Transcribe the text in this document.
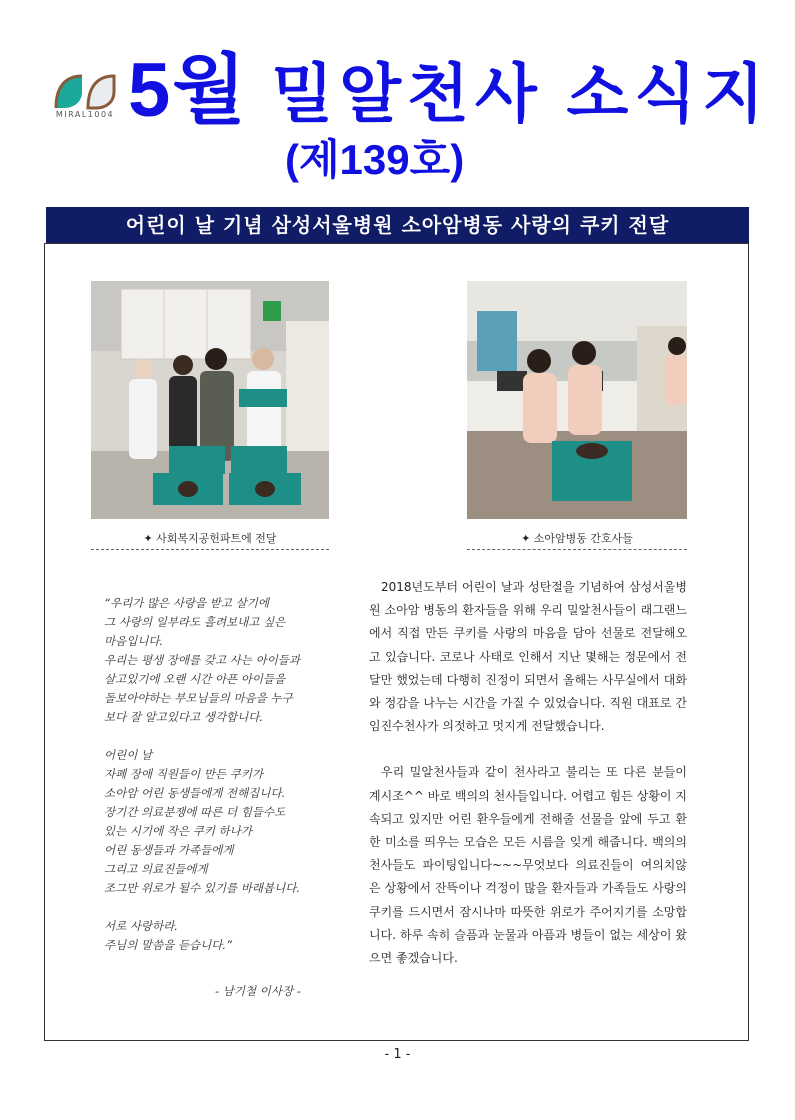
MIRAL1004 5월 밀알천사 소식지
(제139호)
어린이 날 기념 삼성서울병원 소아암병동 사랑의 쿠키 전달
✦ 사회복지공헌파트에 전달	✦ 소아암병동 간호사들

“우리가 많은 사랑을 받고 살기에

그 사랑의 일부라도 흘려보내고 싶은

마음입니다.

우리는 평생 장애를 갖고 사는 아이들과

살고있기에 오랜 시간 아픈 아이들을

돌보아야하는 부모님들의 마음을 누구

보다 잘 알고있다고 생각합니다.

어린이 날

자폐 장애 직원들이 만든 쿠키가

소아암 어린 동생들에게 전해집니다.

장기간 의료분쟁에 따른 더 힘들수도

있는 시기에 작은 쿠키 하나가

어린 동생들과 가족들에게

그리고 의료진들에게

조그만 위로가 될수 있기를 바래봅니다.

서로 사랑하라.

주님의 말씀을 듣습니다.”

- 남기철 이사장 -

2018년도부터 어린이 날과 성탄절을 기념하여 삼성서울병원 소아암 병동의 환자들을 위해 우리 밀알천사들이 래그랜느에서 직접 만든 쿠키를 사랑의 마음을 담아 선물로 전달해오고 있습니다. 코로나 사태로 인해서 지난 몇해는 정문에서 전달만 했었는데 다행히 진정이 되면서 올해는 사무실에서 대화와 정감을 나누는 시간을 가질 수 있었습니다. 직원 대표로 간 임진수천사가 의젓하고 멋지게 전달했습니다.

우리 밀알천사들과 같이 천사라고 불리는 또 다른 분들이 계시조^^ 바로 백의의 천사들입니다. 어렵고 힘든 상황이 지속되고 있지만 어린 환우들에게 전해줄 선물을 앞에 두고 환한 미소를 띄우는 모습은 모든 시름을 잊게 해줍니다. 백의의 천사들도 파이팅입니다~~~무엇보다 의료진들이 여의치않은 상황에서 잔뜩이나 걱정이 많을 환자들과 가족들도 사랑의 쿠키를 드시면서 잠시나마 따뜻한 위로가 주어지기를 소망합니다. 하루 속히 슬픔과 눈물과 아픔과 병들이 없는 세상이 왔으면 좋겠습니다.

- 1 -
